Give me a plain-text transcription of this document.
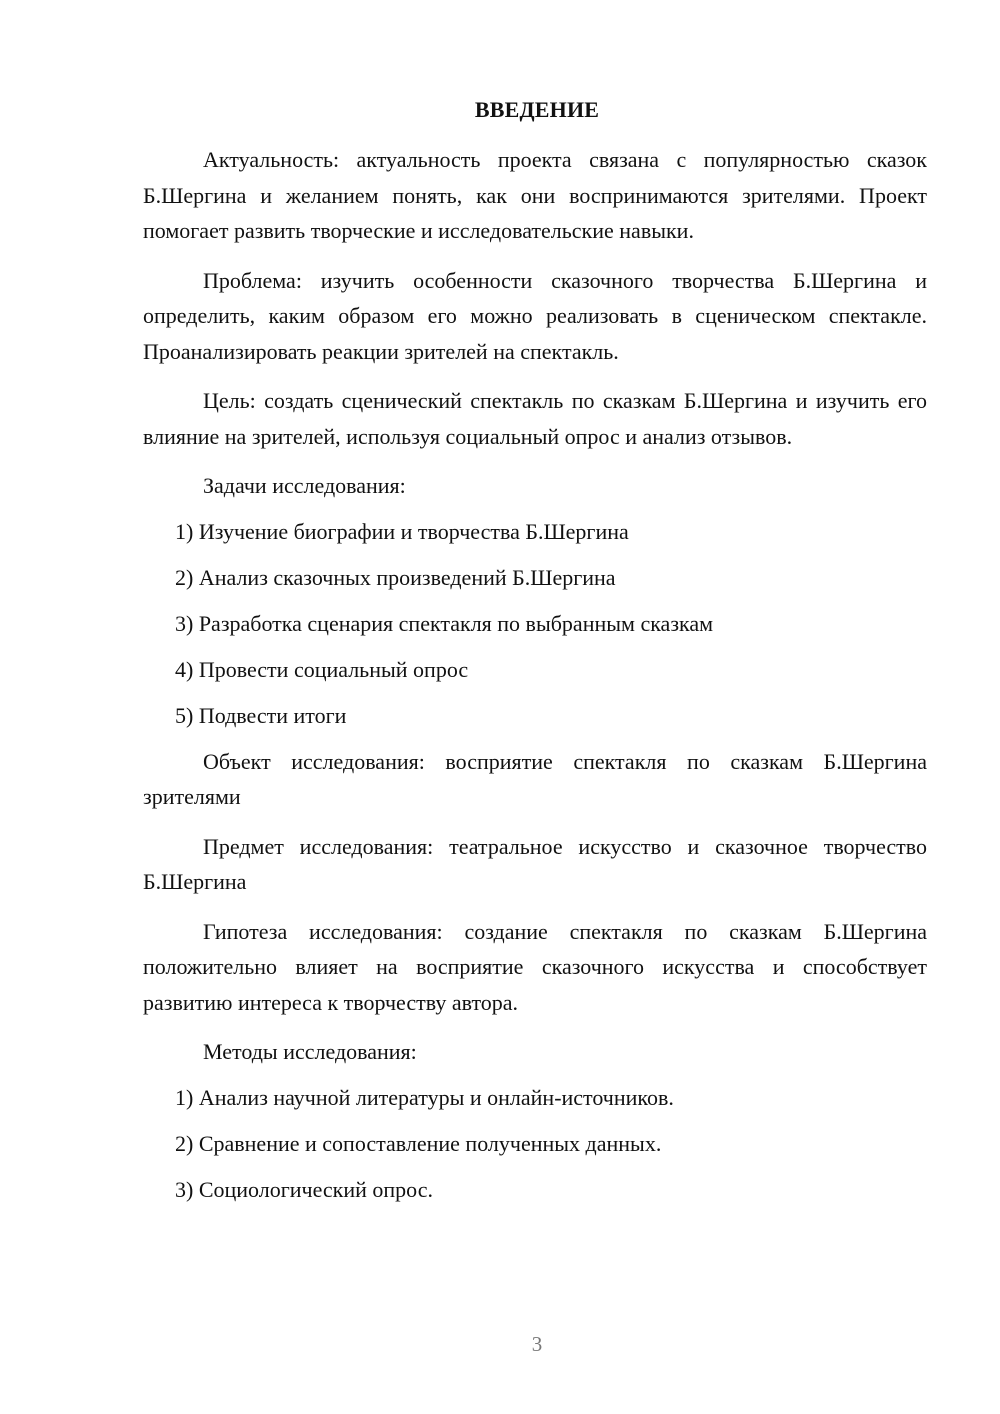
ВВЕДЕНИЕ

Актуальность: актуальность проекта связана с популярностью сказок Б.Шергина и желанием понять, как они воспринимаются зрителями. Проект помогает развить творческие и исследовательские навыки.

Проблема: изучить особенности сказочного творчества Б.Шергина и определить, каким образом его можно реализовать в сценическом спектакле. Проанализировать реакции зрителей на спектакль.

Цель: создать сценический спектакль по сказкам Б.Шергина и изучить его влияние на зрителей, используя социальный опрос и анализ отзывов.

Задачи исследования:

1) Изучение биографии и творчества Б.Шергина
2) Анализ сказочных произведений Б.Шергина
3) Разработка сценария спектакля по выбранным сказкам
4) Провести социальный опрос
5) Подвести итоги

Объект исследования: восприятие спектакля по сказкам Б.Шергина зрителями

Предмет исследования: театральное искусство и сказочное творчество Б.Шергина

Гипотеза исследования: создание спектакля по сказкам Б.Шергина положительно влияет на восприятие сказочного искусства и способствует развитию интереса к творчеству автора.

Методы исследования:

1) Анализ научной литературы и онлайн-источников.
2) Сравнение и сопоставление полученных данных.
3) Социологический опрос.
3
